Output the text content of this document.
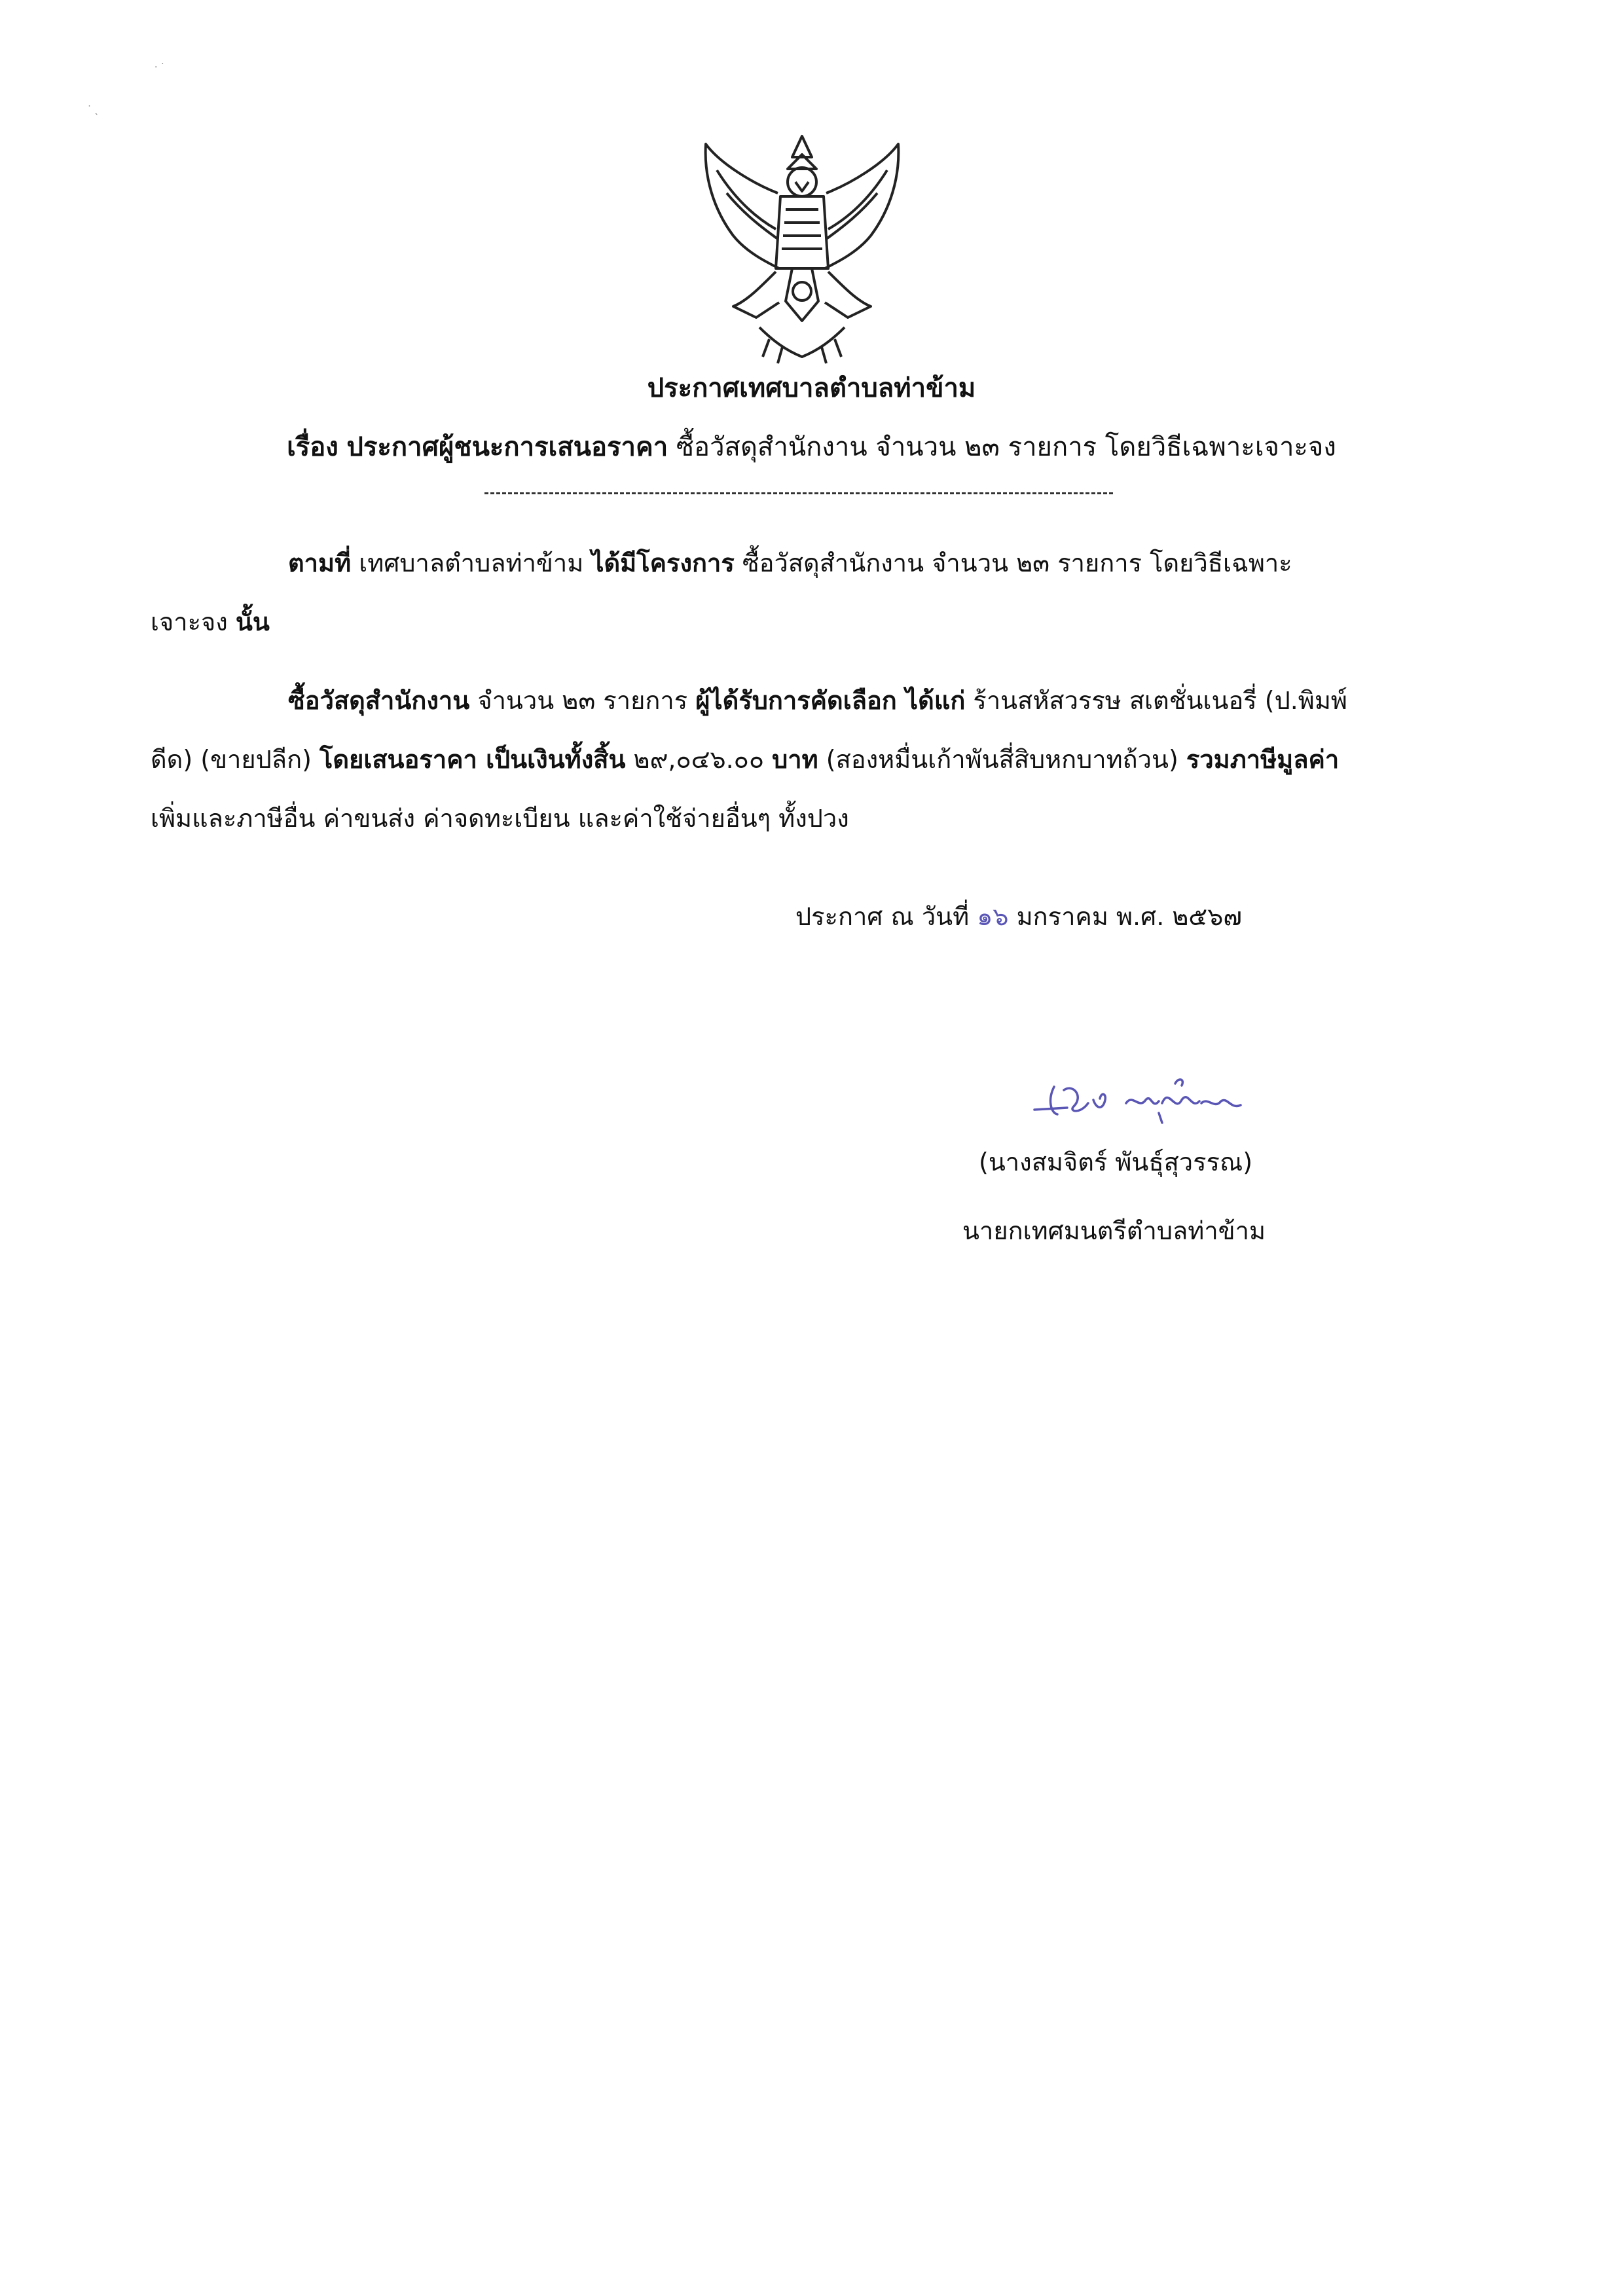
· ˙
˙ ˎ
ประกาศเทศบาลตำบลท่าข้าม
เรื่อง ประกาศผู้ชนะการเสนอราคา ซื้อวัสดุสำนักงาน จำนวน ๒๓ รายการ โดยวิธีเฉพาะเจาะจง
ตามที่ เทศบาลตำบลท่าข้าม ได้มีโครงการ ซื้อวัสดุสำนักงาน จำนวน ๒๓ รายการ โดยวิธีเฉพาะ
เจาะจง นั้น
ซื้อวัสดุสำนักงาน จำนวน ๒๓ รายการ ผู้ได้รับการคัดเลือก ได้แก่ ร้านสหัสวรรษ สเตชั่นเนอรี่ (ป.พิมพ์
ดีด) (ขายปลีก) โดยเสนอราคา เป็นเงินทั้งสิ้น ๒๙,๐๔๖.๐๐ บาท (สองหมื่นเก้าพันสี่สิบหกบาทถ้วน) รวมภาษีมูลค่า
เพิ่มและภาษีอื่น ค่าขนส่ง ค่าจดทะเบียน และค่าใช้จ่ายอื่นๆ ทั้งปวง
ประกาศ ณ วันที่ ๑๖ มกราคม พ.ศ. ๒๕๖๗
(นางสมจิตร์ พันธุ์สุวรรณ)
นายกเทศมนตรีตำบลท่าข้าม
